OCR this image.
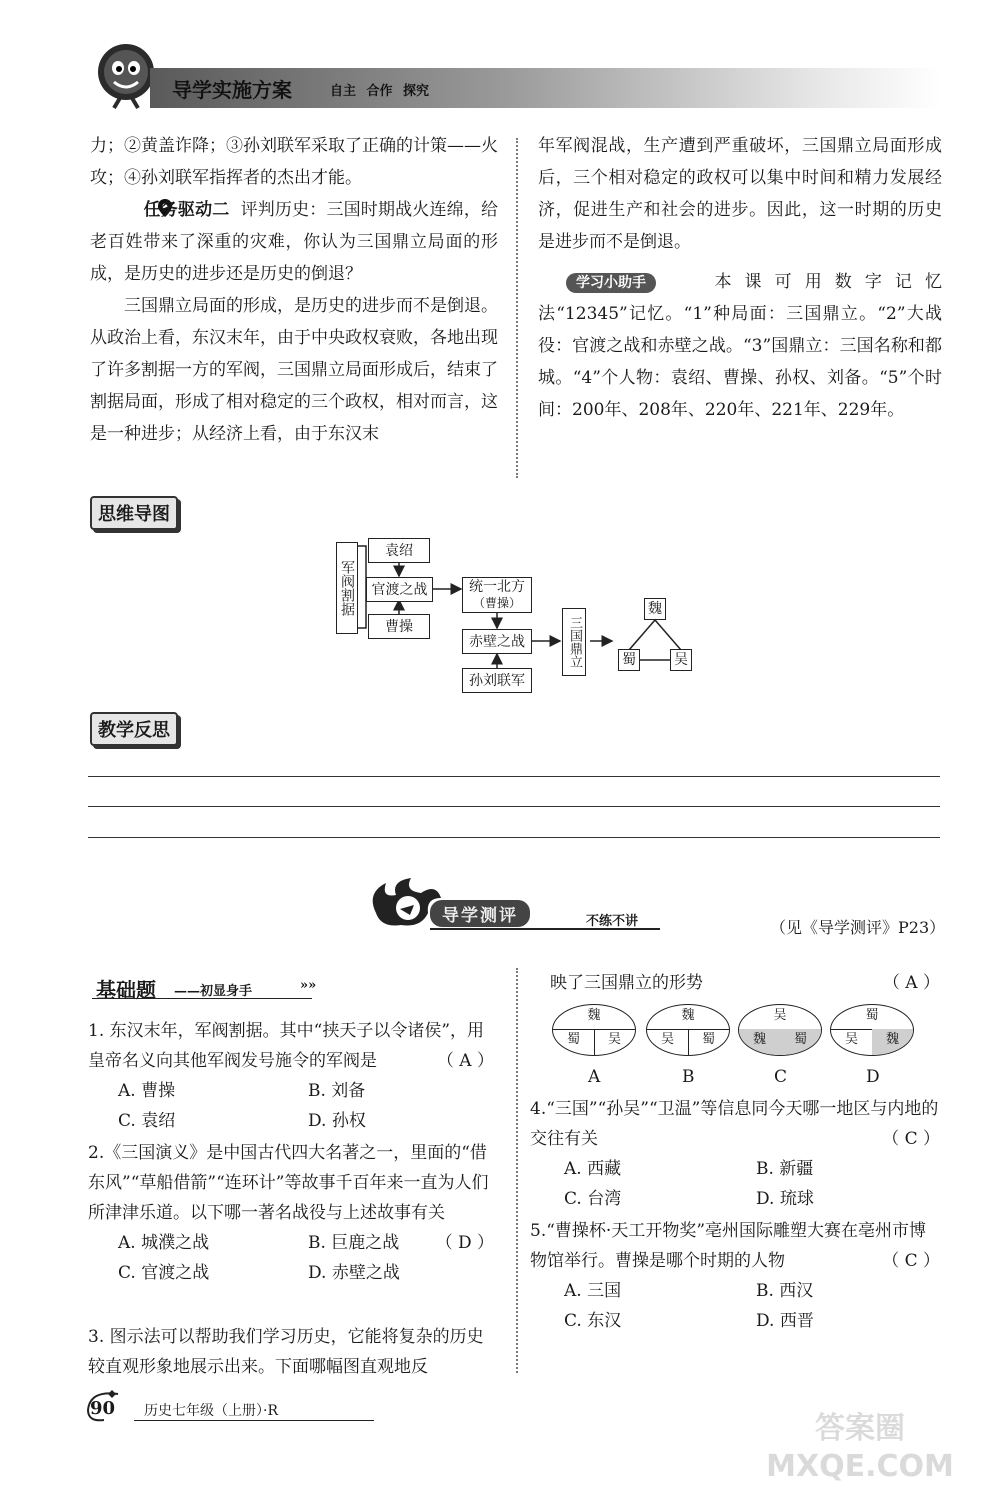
导学实施方案	自主 合作 探究
力；②黄盖诈降；③孙刘联军采取了正确的计策——火攻；④孙刘联军指挥者的杰出才能。
任务驱动二 评判历史：三国时期战火连绵，给老百姓带来了深重的灾难，你认为三国鼎立局面的形成，是历史的进步还是历史的倒退？
三国鼎立局面的形成，是历史的进步而不是倒退。从政治上看，东汉末年，由于中央政权衰败，各地出现了许多割据一方的军阀，三国鼎立局面形成后，结束了割据局面，形成了相对稳定的三个政权，相对而言，这是一种进步；从经济上看，由于东汉末
年军阀混战，生产遭到严重破坏，三国鼎立局面形成后，三个相对稳定的政权可以集中时间和精力发展经济，促进生产和社会的进步。因此，这一时期的历史是进步而不是倒退。
学习小助手	本课可用数字记忆法“12345”记忆。“1”种局面：三国鼎立。“2”大战役：官渡之战和赤壁之战。“3”国鼎立：三国名称和都城。“4”个人物：袁绍、曹操、孙权、刘备。“5”个时间：200年、208年、220年、221年、229年。
思维导图
军阀割据
袁绍
官渡之战
曹操
统一北方
（曹操）
赤壁之战
孙刘联军
三国鼎立
魏
蜀	吴
教学反思
导学测评	不练不讲	（见《导学测评》P23）
基础题 ——初显身手	»»
1. 东汉末年，军阀割据。其中“挟天子以令诸侯”，用皇帝名义向其他军阀发号施令的军阀是	（ A ）
A. 曹操	B. 刘备
C. 袁绍	D. 孙权
2.《三国演义》是中国古代四大名著之一，里面的“借东风”“草船借箭”“连环计”等故事千百年来一直为人们所津津乐道。以下哪一著名战役与上述故事有关
（ D ）
A. 城濮之战	B. 巨鹿之战
C. 官渡之战	D. 赤壁之战
3. 图示法可以帮助我们学习历史，它能将复杂的历史较直观形象地展示出来。下面哪幅图直观地反
映了三国鼎立的形势	（ A ）
魏
蜀	吴
魏
吴	蜀
吴
魏	蜀
蜀
吴	魏
A	B	C	D
4.“三国”“孙吴”“卫温”等信息同今天哪一地区与内地的交往有关	（ C ）
A. 西藏	B. 新疆
C. 台湾	D. 琉球
5.“曹操杯·天工开物奖”亳州国际雕塑大赛在亳州市博物馆举行。曹操是哪个时期的人物	（ C ）
A. 三国	B. 西汉
C. 东汉	D. 西晋
90 历史七年级（上册）·R	答案圈 MXQE.COM
